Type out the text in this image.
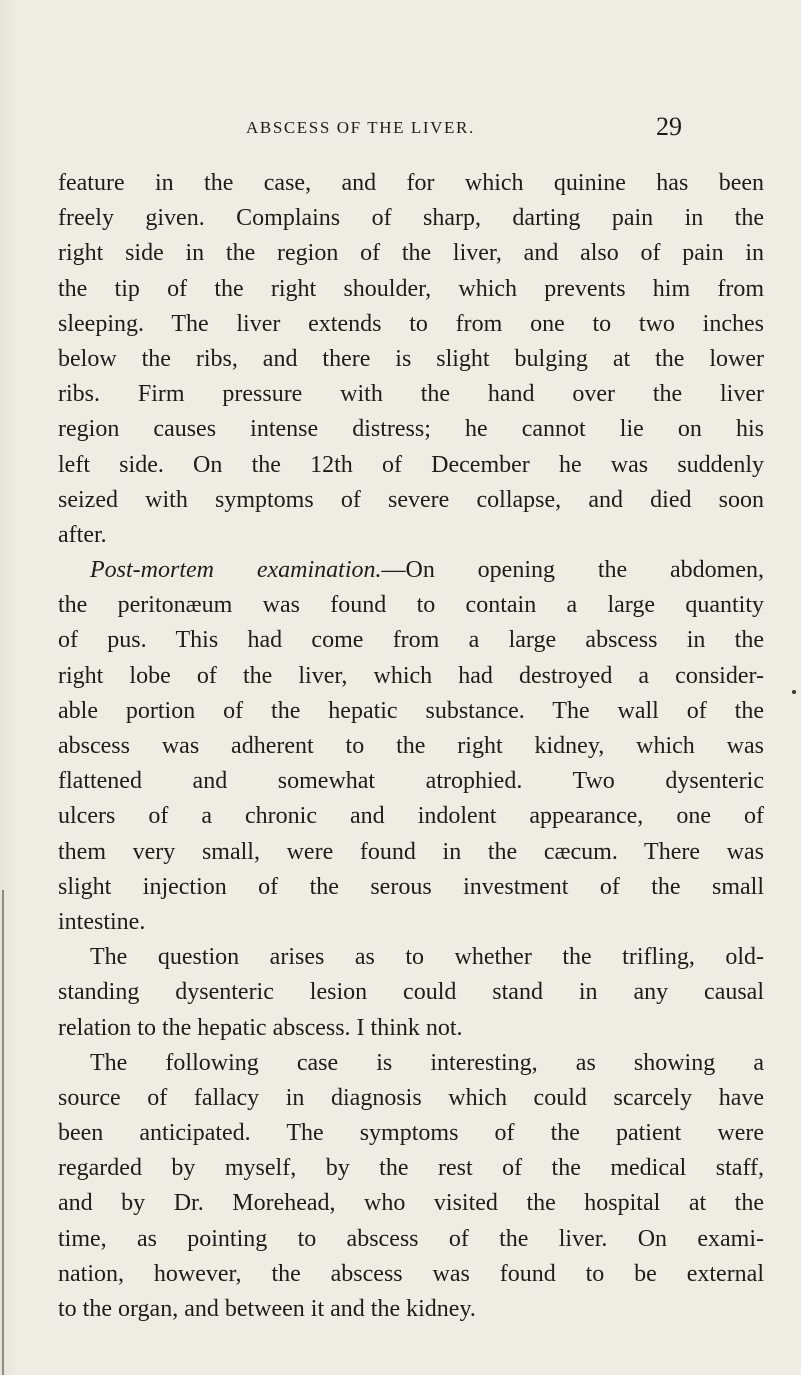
ABSCESS OF THE LIVER.	29
feature in the case, and for which quinine has been
freely given. Complains of sharp, darting pain in the
right side in the region of the liver, and also of pain in
the tip of the right shoulder, which prevents him from
sleeping. The liver extends to from one to two inches
below the ribs, and there is slight bulging at the lower
ribs. Firm pressure with the hand over the liver
region causes intense distress; he cannot lie on his
left side. On the 12th of December he was suddenly
seized with symptoms of severe collapse, and died soon
after.
Post-mortem examination.—On opening the abdomen,
the peritonæum was found to contain a large quantity
of pus. This had come from a large abscess in the
right lobe of the liver, which had destroyed a consider-
able portion of the hepatic substance. The wall of the
abscess was adherent to the right kidney, which was
flattened and somewhat atrophied. Two dysenteric
ulcers of a chronic and indolent appearance, one of
them very small, were found in the cæcum. There was
slight injection of the serous investment of the small
intestine.
The question arises as to whether the trifling, old-
standing dysenteric lesion could stand in any causal
relation to the hepatic abscess. I think not.
The following case is interesting, as showing a
source of fallacy in diagnosis which could scarcely have
been anticipated. The symptoms of the patient were
regarded by myself, by the rest of the medical staff,
and by Dr. Morehead, who visited the hospital at the
time, as pointing to abscess of the liver. On exami-
nation, however, the abscess was found to be external
to the organ, and between it and the kidney.
